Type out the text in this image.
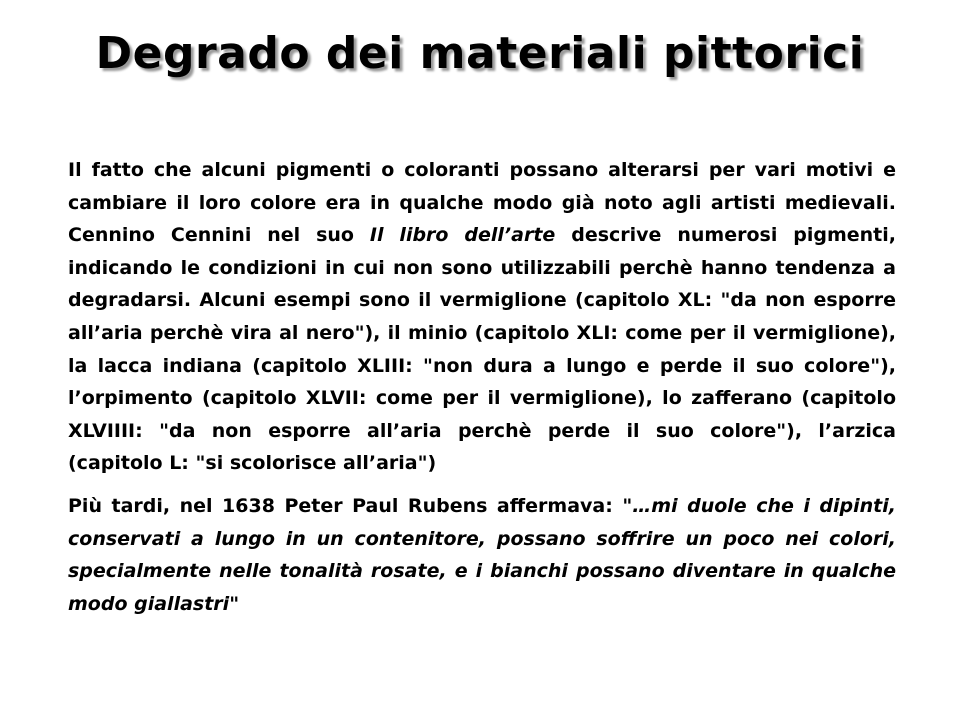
Degrado dei materiali pittorici

Il fatto che alcuni pigmenti o coloranti possano alterarsi per vari motivi e cambiare il loro colore era in qualche modo già noto agli artisti medievali. Cennino Cennini nel suo Il libro dell’arte descrive numerosi pigmenti, indicando le condizioni in cui non sono utilizzabili perchè hanno tendenza a degradarsi. Alcuni esempi sono il vermiglione (capitolo XL: "da non esporre all’aria perchè vira al nero"), il minio (capitolo XLI: come per il vermiglione), la lacca indiana (capitolo XLIII: "non dura a lungo e perde il suo colore"), l’orpimento (capitolo XLVII: come per il vermiglione), lo zafferano (capitolo XLVIIII: "da non esporre all’aria perchè perde il suo colore"), l’arzica (capitolo L: "si scolorisce all’aria")

Più tardi, nel 1638 Peter Paul Rubens affermava: "…mi duole che i dipinti, conservati a lungo in un contenitore, possano soffrire un poco nei colori, specialmente nelle tonalità rosate, e i bianchi possano diventare in qualche modo giallastri"
